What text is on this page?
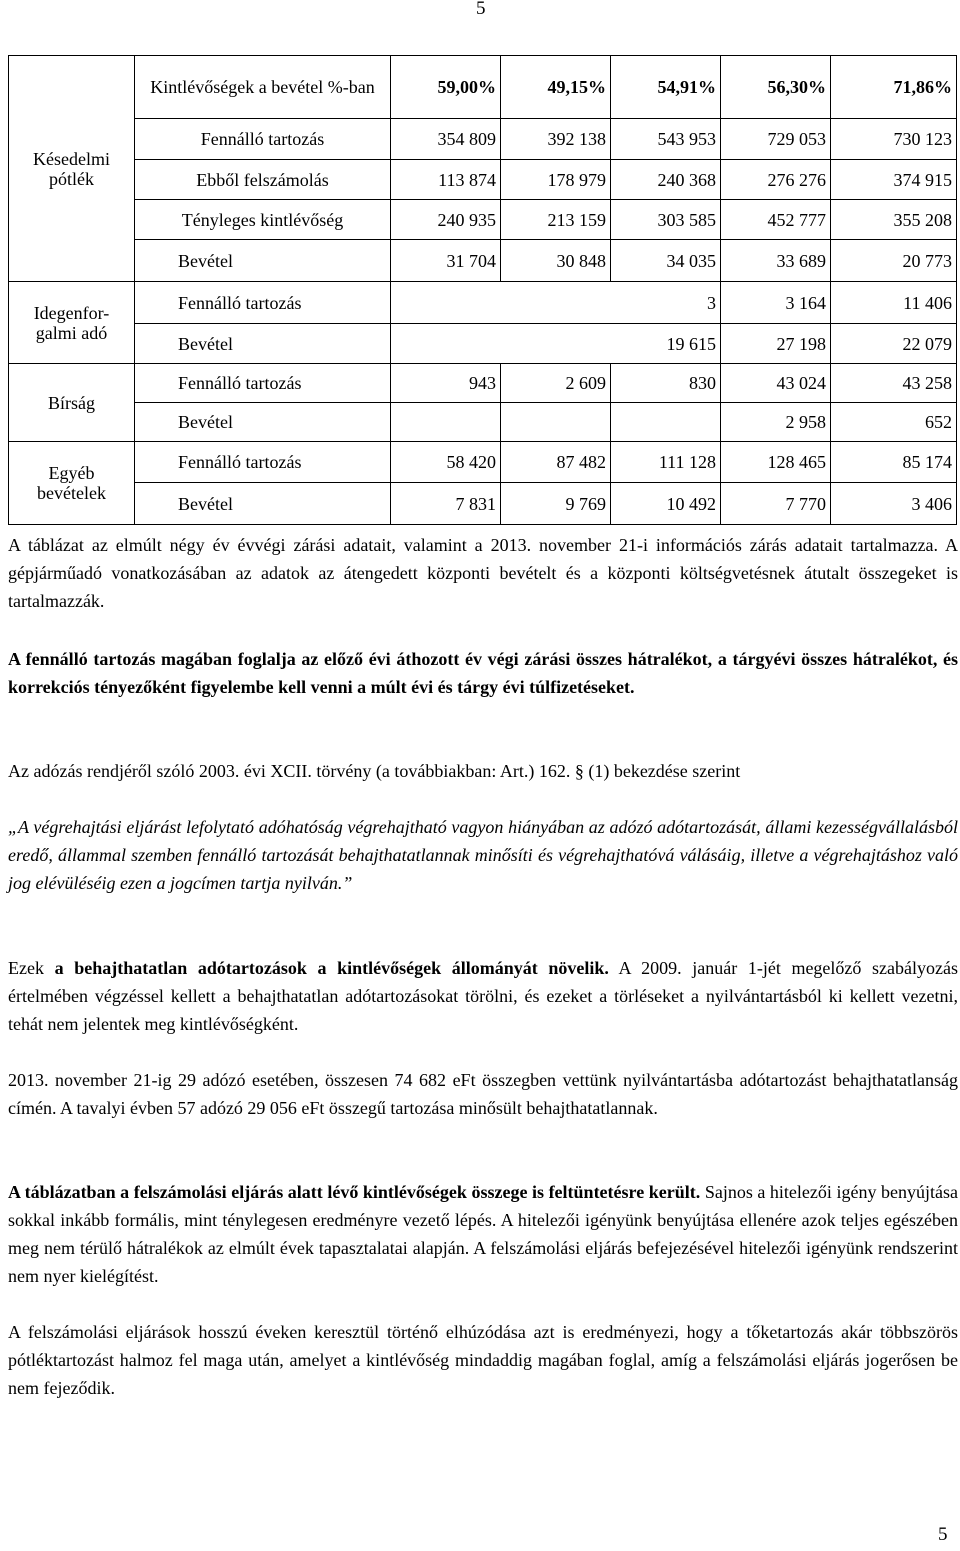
5
Késedelmi pótlék	Kintlévőségek a bevétel %-ban	59,00%	49,15%	54,91%	56,30%	71,86%
	Fennálló tartozás	354 809	392 138	543 953	729 053	730 123
	Ebből felszámolás	113 874	178 979	240 368	276 276	374 915
	Tényleges kintlévőség	240 935	213 159	303 585	452 777	355 208
	Bevétel	31 704	30 848	34 035	33 689	20 773
Idegenfor-galmi adó	Fennálló tartozás	3			3 164	11 406
	Bevétel	19 615			27 198	22 079
Bírság	Fennálló tartozás	943	2 609	830	43 024	43 258
	Bevétel				2 958	652
Egyéb bevételek	Fennálló tartozás	58 420	87 482	111 128	128 465	85 174
	Bevétel	7 831	9 769	10 492	7 770	3 406

A táblázat az elmúlt négy év évvégi zárási adatait, valamint a 2013. november 21-i információs zárás adatait tartalmazza. A gépjárműadó vonatkozásában az adatok az átengedett központi bevételt és a központi költségvetésnek átutalt összegeket is tartalmazzák.

A fennálló tartozás magában foglalja az előző évi áthozott év végi zárási összes hátralékot, a tárgyévi összes hátralékot, és korrekciós tényezőként figyelembe kell venni a múlt évi és tárgy évi túlfizetéseket.

Az adózás rendjéről szóló 2003. évi XCII. törvény (a továbbiakban: Art.) 162. § (1) bekezdése szerint

„A végrehajtási eljárást lefolytató adóhatóság végrehajtható vagyon hiányában az adózó adótartozását, állami kezességvállalásból eredő, állammal szemben fennálló tartozását behajthatatlannak minősíti és végrehajthatóvá válásáig, illetve a végrehajtáshoz való jog elévüléséig ezen a jogcímen tartja nyilván.”

Ezek a behajthatatlan adótartozások a kintlévőségek állományát növelik. A 2009. január 1-jét megelőző szabályozás értelmében végzéssel kellett a behajthatatlan adótartozásokat törölni, és ezeket a törléseket a nyilvántartásból ki kellett vezetni, tehát nem jelentek meg kintlévőségként.

2013. november 21-ig 29 adózó esetében, összesen 74 682 eFt összegben vettünk nyilvántartásba adótartozást behajthatatlanság címén. A tavalyi évben 57 adózó 29 056 eFt összegű tartozása minősült behajthatatlannak.

A táblázatban a felszámolási eljárás alatt lévő kintlévőségek összege is feltüntetésre került. Sajnos a hitelezői igény benyújtása sokkal inkább formális, mint ténylegesen eredményre vezető lépés. A hitelezői igényünk benyújtása ellenére azok teljes egészében meg nem térülő hátralékok az elmúlt évek tapasztalatai alapján. A felszámolási eljárás befejezésével hitelezői igényünk rendszerint nem nyer kielégítést.

A felszámolási eljárások hosszú éveken keresztül történő elhúzódása azt is eredményezi, hogy a tőketartozás akár többszörös pótléktartozást halmoz fel maga után, amelyet a kintlévőség mindaddig magában foglal, amíg a felszámolási eljárás jogerősen be nem fejeződik.

5
